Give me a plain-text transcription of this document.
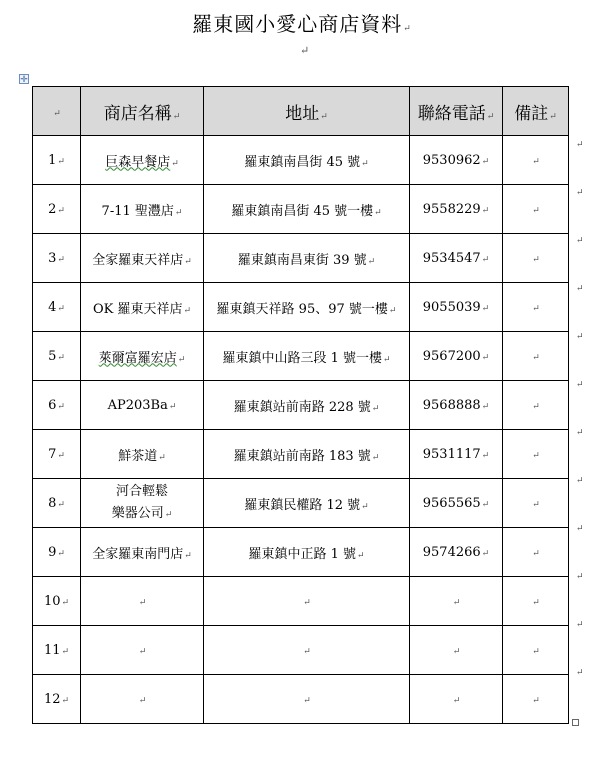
羅東國小愛心商店資料↵
↵
✛
↵	商店名稱↵	地址↵	聯絡電話↵	備註↵
1↵	巨森早餐店↵	羅東鎮南昌街 45 號↵	9530962↵	↵
2↵	7-11 聖灃店↵	羅東鎮南昌街 45 號一樓↵	9558229↵	↵
3↵	全家羅東天祥店↵	羅東鎮南昌東街 39 號↵	9534547↵	↵
4↵	OK 羅東天祥店↵	羅東鎮天祥路 95、97 號一樓↵	9055039↵	↵
5↵	萊爾富羅宏店↵	羅東鎮中山路三段 1 號一樓↵	9567200↵	↵
6↵	AP203Ba↵	羅東鎮站前南路 228 號↵	9568888↵	↵
7↵	鮮茶道↵	羅東鎮站前南路 183 號↵	9531117↵	↵
8↵	河合輕鬆
樂器公司↵	羅東鎮民權路 12 號↵	9565565↵	↵
9↵	全家羅東南門店↵	羅東鎮中正路 1 號↵	9574266↵	↵
10↵	↵	↵	↵	↵
11↵	↵	↵	↵	↵
12↵	↵	↵	↵	↵
↵
↵
↵
↵
↵
↵
↵
↵
↵
↵
↵
↵
